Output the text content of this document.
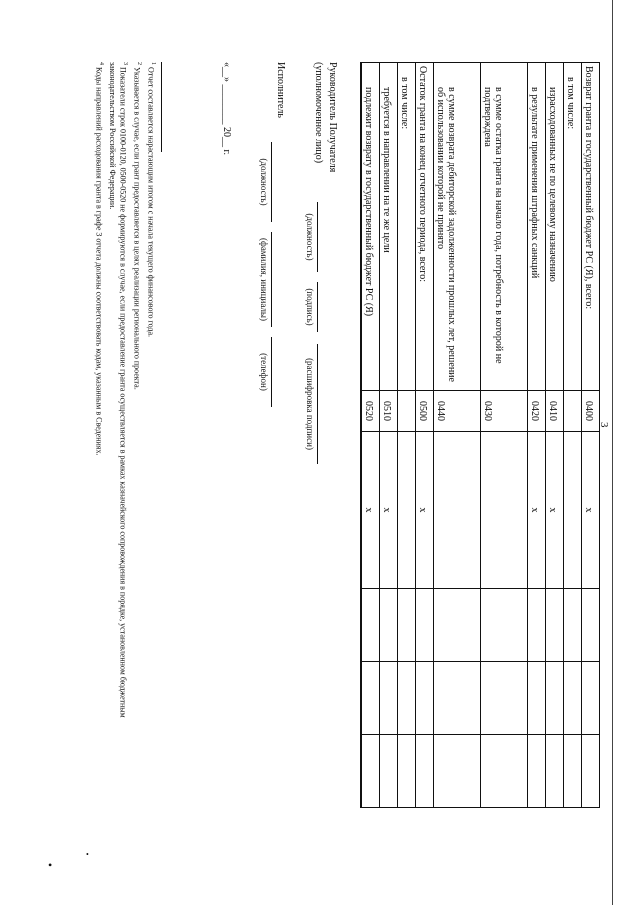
3
Возврат гранта в государственный бюджет РС (Я), всего:	0400	x			
в том числе:					
израсходованных не по целевому назначению	0410	x			
в результате применения штрафных санкций	0420	x			
в сумме остатка гранта на начало года, потребность в которой не подтверждена	0430				
в сумме возврата дебиторской задолженности прошлых лет, решение об использовании которой не принято	0440				
Остаток гранта на конец отчетного периода, всего:	0500	x			
в том числе:					
требуется в направлении на те же цели	0510	x			
подлежит возврату в государственный бюджет РС (Я)	0520	x			
Руководитель Получателя
(уполномоченное лицо)
(должность)
(подпись)
(расшифровка подписи)
Исполнитель
(должность)
(фамилия, инициалы)
(телефон)
«__» ________ 20__ г.
$^1$ Отчет составляется нарастающим итогом с начала текущего финансового года.
$^2$ Указывается в случае, если грант предоставляется в целях реализации регионального проекта.
$^3$ Показатели строк 0100-0120, 0500-0520 не формируются в случае, если предоставление гранта осуществляется в рамках казначейского сопровождения в порядке, установленном бюджетным
законодательством Российской Федерации.
$^4$ Коды направлений расходования гранта в графе 3 отчета должны соответствовать кодам, указанным в Сведениях.
•
•
